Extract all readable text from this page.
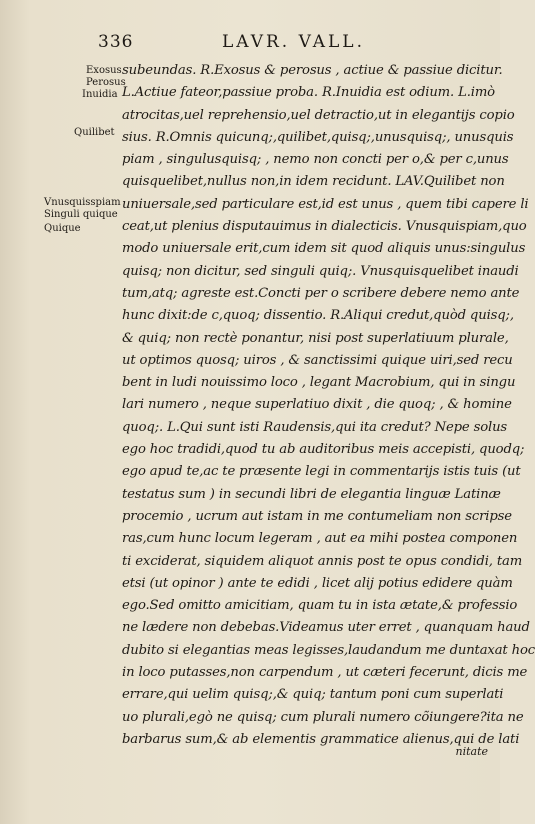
336	LAVR. VALL.
Exosus
Perosus
Inuidia
Quilibet
Vnusquisspiam
Singuli quique
Quique
subeundas. R.Exosus & perosus , actiue & passiue dicitur.
L.Actiue fateor,passiue proba. R.Inuidia est odium. L.imò
atrocitas,uel reprehensio,uel detractio,ut in elegantijs copio
sius. R.Omnis quicunq;,quilibet,quisq;,unusquisq;, unusquis
piam , singulusquisq; , nemo non concti per o,& per c,unus
quisquelibet,nullus non,in idem recidunt. LAV.Quilibet non
uniuersale,sed particulare est,id est unus , quem tibi capere li
ceat,ut plenius disputauimus in dialecticis. Vnusquispiam,quo
modo uniuersale erit,cum idem sit quod aliquis unus:singulus
quisq; non dicitur, sed singuli quiq;. Vnusquisquelibet inaudi
tum,atq; agreste est.Concti per o scribere debere nemo ante
hunc dixit:de c,quoq; dissentio. R.Aliqui credut,quòd quisq;,
& quiq; non rectè ponantur, nisi post superlatiuum plurale,
ut optimos quosq; uiros , & sanctissimi quique uiri,sed recu
bent in ludi nouissimo loco , legant Macrobium, qui in singu
lari numero , neque superlatiuo dixit , die quoq; , & homine
quoq;. L.Qui sunt isti Raudensis,qui ita credut? Nepe solus
ego hoc tradidi,quod tu ab auditoribus meis accepisti, quodq;
ego apud te,ac te præsente legi in commentarijs istis tuis (ut
testatus sum ) in secundi libri de elegantia linguæ Latinæ
procemio , ucrum aut istam in me contumeliam non scripse
ras,cum hunc locum legeram , aut ea mihi postea componen
ti exciderat, siquidem aliquot annis post te opus condidi, tam
etsi (ut opinor ) ante te edidi , licet alij potius edidere quàm
ego.Sed omitto amicitiam, quam tu in ista ætate,& professio
ne lædere non debebas.Videamus uter erret , quanquam haud
dubito si elegantias meas legisses,laudandum me duntaxat hoc
in loco putasses,non carpendum , ut cæteri fecerunt, dicis me
errare,qui uelim quisq;,& quiq; tantum poni cum superlati
uo plurali,egò ne quisq; cum plurali numero cõiungere?ita ne
barbarus sum,& ab elementis grammatice alienus,qui de lati
nitate
